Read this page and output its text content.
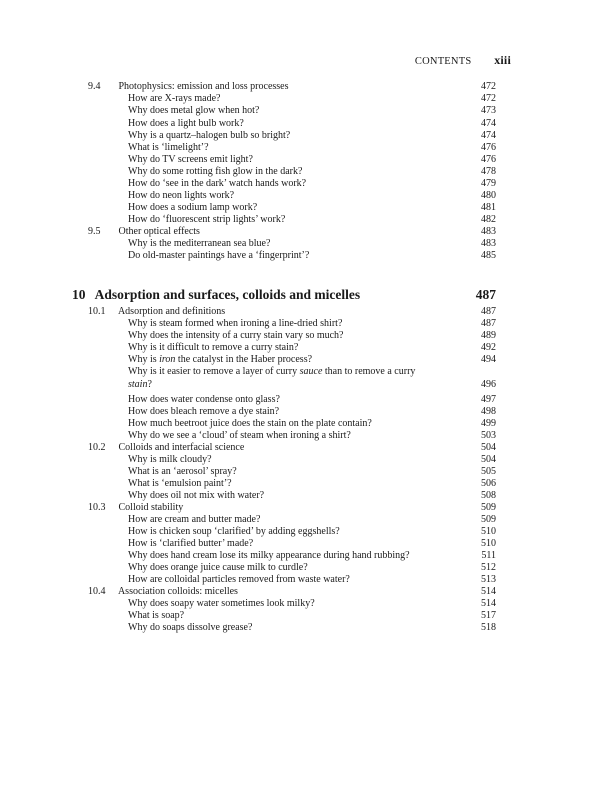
CONTENTS xiii
9.4 Photophysics: emission and loss processes	472
How are X-rays made?	472
Why does metal glow when hot?	473
How does a light bulb work?	474
Why is a quartz–halogen bulb so bright?	474
What is ‘limelight’?	476
Why do TV screens emit light?	476
Why do some rotting fish glow in the dark?	478
How do ‘see in the dark’ watch hands work?	479
How do neon lights work?	480
How does a sodium lamp work?	481
How do ‘fluorescent strip lights’ work?	482
9.5 Other optical effects	483
Why is the mediterranean sea blue?	483
Do old-master paintings have a ‘fingerprint’?	485
10 Adsorption and surfaces, colloids and micelles	487
10.1 Adsorption and definitions	487
Why is steam formed when ironing a line-dried shirt?	487
Why does the intensity of a curry stain vary so much?	489
Why is it difficult to remove a curry stain?	492
Why is iron the catalyst in the Haber process?	494
Why is it easier to remove a layer of curry sauce than to remove a curry
stain?	496
How does water condense onto glass?	497
How does bleach remove a dye stain?	498
How much beetroot juice does the stain on the plate contain?	499
Why do we see a ‘cloud’ of steam when ironing a shirt?	503
10.2 Colloids and interfacial science	504
Why is milk cloudy?	504
What is an ‘aerosol’ spray?	505
What is ‘emulsion paint’?	506
Why does oil not mix with water?	508
10.3 Colloid stability	509
How are cream and butter made?	509
How is chicken soup ‘clarified’ by adding eggshells?	510
How is ‘clarified butter’ made?	510
Why does hand cream lose its milky appearance during hand rubbing?	511
Why does orange juice cause milk to curdle?	512
How are colloidal particles removed from waste water?	513
10.4 Association colloids: micelles	514
Why does soapy water sometimes look milky?	514
What is soap?	517
Why do soaps dissolve grease?	518
